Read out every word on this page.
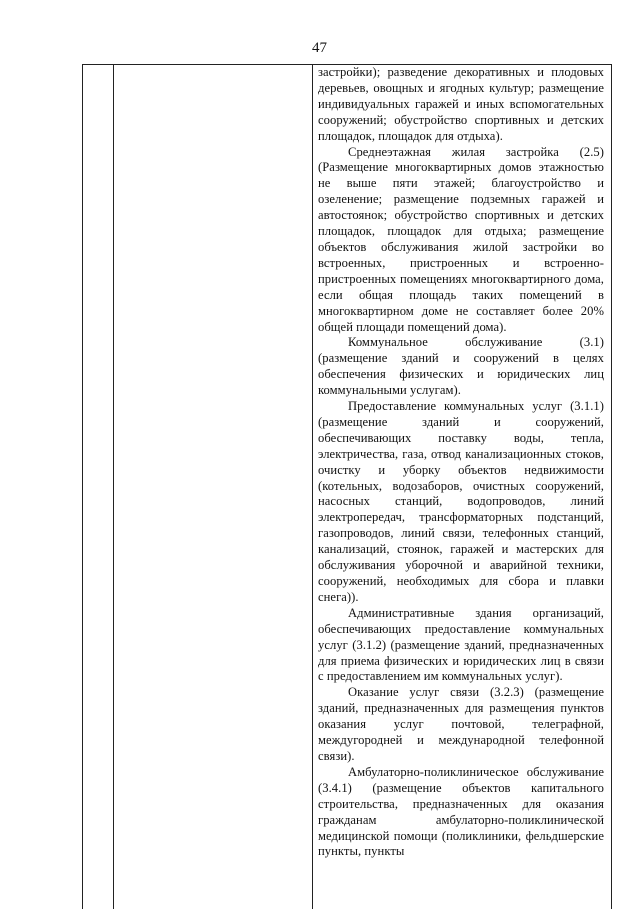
47

застройки); разведение декоративных и плодовых деревьев, овощных и ягодных культур; размещение индивидуальных гаражей и иных вспомогательных сооружений; обустройство спортивных и детских площадок, площадок для отдыха).

Среднеэтажная жилая застройка (2.5) (Размещение многоквартирных домов этажностью не выше пяти этажей; благоустройство и озеленение; размещение подземных гаражей и автостоянок; обустройство спортивных и детских площадок, площадок для отдыха; размещение объектов обслуживания жилой застройки во встроенных, пристроенных и встроенно-пристроенных помещениях многоквартирного дома, если общая площадь таких помещений в многоквартирном доме не составляет более 20% общей площади помещений дома).

Коммунальное обслуживание (3.1) (размещение зданий и сооружений в целях обеспечения физических и юридических лиц коммунальными услугам).

Предоставление коммунальных услуг (3.1.1) (размещение зданий и сооружений, обеспечивающих поставку воды, тепла, электричества, газа, отвод канализационных стоков, очистку и уборку объектов недвижимости (котельных, водозаборов, очистных сооружений, насосных станций, водопроводов, линий электропередач, трансформаторных подстанций, газопроводов, линий связи, телефонных станций, канализаций, стоянок, гаражей и мастерских для обслуживания уборочной и аварийной техники, сооружений, необходимых для сбора и плавки снега)).

Административные здания организаций, обеспечивающих предоставление коммунальных услуг (3.1.2) (размещение зданий, предназначенных для приема физических и юридических лиц в связи с предоставлением им коммунальных услуг).

Оказание услуг связи (3.2.3) (размещение зданий, предназначенных для размещения пунктов оказания услуг почтовой, телеграфной, междугородней и международной телефонной связи).

Амбулаторно-поликлиническое обслуживание (3.4.1) (размещение объектов капитального строительства, предназначенных для оказания гражданам амбулаторно-поликлинической медицинской помощи (поликлиники, фельдшерские пункты, пункты
